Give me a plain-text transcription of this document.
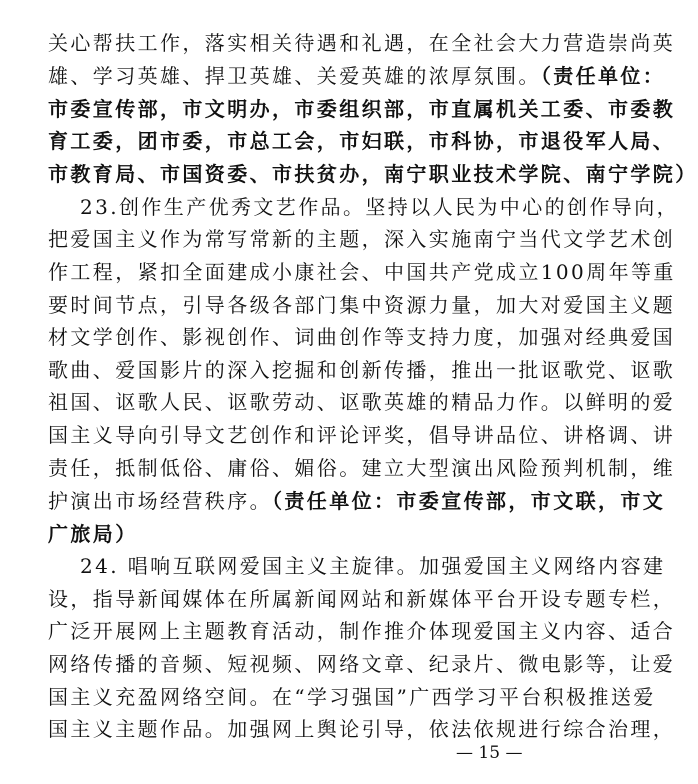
关心帮扶工作，落实相关待遇和礼遇，在全社会大力营造崇尚英
雄、学习英雄、捍卫英雄、关爱英雄的浓厚氛围。（责任单位：
市委宣传部，市文明办，市委组织部，市直属机关工委、市委教
育工委，团市委，市总工会，市妇联，市科协，市退役军人局、
市教育局、市国资委、市扶贫办，南宁职业技术学院、南宁学院）
23.创作生产优秀文艺作品。坚持以人民为中心的创作导向，
把爱国主义作为常写常新的主题，深入实施南宁当代文学艺术创
作工程，紧扣全面建成小康社会、中国共产党成立100周年等重
要时间节点，引导各级各部门集中资源力量，加大对爱国主义题
材文学创作、影视创作、词曲创作等支持力度，加强对经典爱国
歌曲、爱国影片的深入挖掘和创新传播，推出一批讴歌党、讴歌
祖国、讴歌人民、讴歌劳动、讴歌英雄的精品力作。以鲜明的爱
国主义导向引导文艺创作和评论评奖，倡导讲品位、讲格调、讲
责任，抵制低俗、庸俗、媚俗。建立大型演出风险预判机制，维
护演出市场经营秩序。（责任单位：市委宣传部，市文联，市文
广旅局）
24. 唱响互联网爱国主义主旋律。加强爱国主义网络内容建
设，指导新闻媒体在所属新闻网站和新媒体平台开设专题专栏，
广泛开展网上主题教育活动，制作推介体现爱国主义内容、适合
网络传播的音频、短视频、网络文章、纪录片、微电影等，让爱
国主义充盈网络空间。在“学习强国”广西学习平台积极推送爱
国主义主题作品。加强网上舆论引导，依法依规进行综合治理，
— 15 —
